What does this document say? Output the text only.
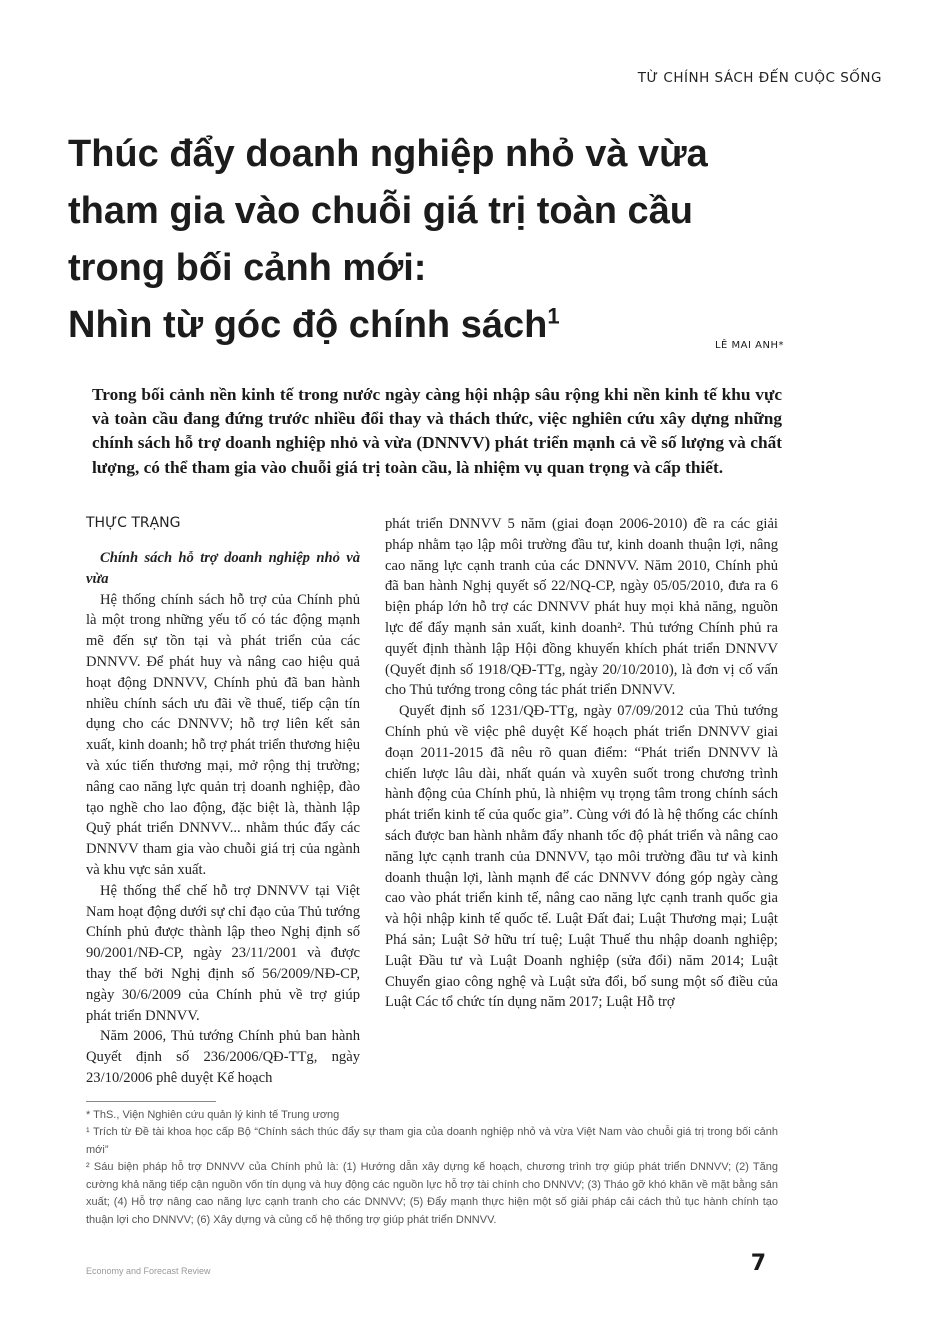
TỪ CHÍNH SÁCH ĐẾN CUỘC SỐNG
Thúc đẩy doanh nghiệp nhỏ và vừa
tham gia vào chuỗi giá trị toàn cầu
trong bối cảnh mới:
Nhìn từ góc độ chính sách$^1$
LÊ MAI ANH*
Trong bối cảnh nền kinh tế trong nước ngày càng hội nhập sâu rộng khi nền kinh tế khu vực và toàn cầu đang đứng trước nhiều đổi thay và thách thức, việc nghiên cứu xây dựng những chính sách hỗ trợ doanh nghiệp nhỏ và vừa (DNNVV) phát triển mạnh cả về số lượng và chất lượng, có thể tham gia vào chuỗi giá trị toàn cầu, là nhiệm vụ quan trọng và cấp thiết.
THỰC TRẠNG

Chính sách hỗ trợ doanh nghiệp nhỏ và vừa

Hệ thống chính sách hỗ trợ của Chính phủ là một trong những yếu tố có tác động mạnh mẽ đến sự tồn tại và phát triển của các DNNVV. Để phát huy và nâng cao hiệu quả hoạt động DNNVV, Chính phủ đã ban hành nhiều chính sách ưu đãi về thuế, tiếp cận tín dụng cho các DNNVV; hỗ trợ liên kết sản xuất, kinh doanh; hỗ trợ phát triển thương hiệu và xúc tiến thương mại, mở rộng thị trường; nâng cao năng lực quản trị doanh nghiệp, đào tạo nghề cho lao động, đặc biệt là, thành lập Quỹ phát triển DNNVV... nhằm thúc đẩy các DNNVV tham gia vào chuỗi giá trị của ngành và khu vực sản xuất.

Hệ thống thể chế hỗ trợ DNNVV tại Việt Nam hoạt động dưới sự chỉ đạo của Thủ tướng Chính phủ được thành lập theo Nghị định số 90/2001/NĐ-CP, ngày 23/11/2001 và được thay thế bởi Nghị định số 56/2009/NĐ-CP, ngày 30/6/2009 của Chính phủ về trợ giúp phát triển DNNVV.

Năm 2006, Thủ tướng Chính phủ ban hành Quyết định số 236/2006/QĐ-TTg, ngày 23/10/2006 phê duyệt Kế hoạch

phát triển DNNVV 5 năm (giai đoạn 2006-2010) đề ra các giải pháp nhằm tạo lập môi trường đầu tư, kinh doanh thuận lợi, nâng cao năng lực cạnh tranh của các DNNVV. Năm 2010, Chính phủ đã ban hành Nghị quyết số 22/NQ-CP, ngày 05/05/2010, đưa ra 6 biện pháp lớn hỗ trợ các DNNVV phát huy mọi khả năng, nguồn lực để đẩy mạnh sản xuất, kinh doanh². Thủ tướng Chính phủ ra quyết định thành lập Hội đồng khuyến khích phát triển DNNVV (Quyết định số 1918/QĐ-TTg, ngày 20/10/2010), là đơn vị cố vấn cho Thủ tướng trong công tác phát triển DNNVV.

Quyết định số 1231/QĐ-TTg, ngày 07/09/2012 của Thủ tướng Chính phủ về việc phê duyệt Kế hoạch phát triển DNNVV giai đoạn 2011-2015 đã nêu rõ quan điểm: “Phát triển DNNVV là chiến lược lâu dài, nhất quán và xuyên suốt trong chương trình hành động của Chính phủ, là nhiệm vụ trọng tâm trong chính sách phát triển kinh tế của quốc gia”. Cùng với đó là hệ thống các chính sách được ban hành nhằm đẩy nhanh tốc độ phát triển và nâng cao năng lực cạnh tranh của DNNVV, tạo môi trường đầu tư và kinh doanh thuận lợi, lành mạnh để các DNNVV đóng góp ngày càng cao vào phát triển kinh tế, nâng cao năng lực cạnh tranh quốc gia và hội nhập kinh tế quốc tế. Luật Đất đai; Luật Thương mại; Luật Phá sản; Luật Sở hữu trí tuệ; Luật Thuế thu nhập doanh nghiệp; Luật Đầu tư và Luật Doanh nghiệp (sửa đổi) năm 2014; Luật Chuyển giao công nghệ và Luật sửa đổi, bổ sung một số điều của Luật Các tổ chức tín dụng năm 2017; Luật Hỗ trợ

* ThS., Viện Nghiên cứu quản lý kinh tế Trung ương

¹ Trích từ Đề tài khoa học cấp Bộ “Chính sách thúc đẩy sự tham gia của doanh nghiệp nhỏ và vừa Việt Nam vào chuỗi giá trị trong bối cảnh mới”

² Sáu biện pháp hỗ trợ DNNVV của Chính phủ là: (1) Hướng dẫn xây dựng kế hoạch, chương trình trợ giúp phát triển DNNVV; (2) Tăng cường khả năng tiếp cận nguồn vốn tín dụng và huy động các nguồn lực hỗ trợ tài chính cho DNNVV; (3) Tháo gỡ khó khăn về mặt bằng sản xuất; (4) Hỗ trợ nâng cao năng lực cạnh tranh cho các DNNVV; (5) Đẩy mạnh thực hiện một số giải pháp cải cách thủ tục hành chính tạo thuận lợi cho DNNVV; (6) Xây dựng và củng cố hệ thống trợ giúp phát triển DNNVV.

Economy and Forecast Review	7
